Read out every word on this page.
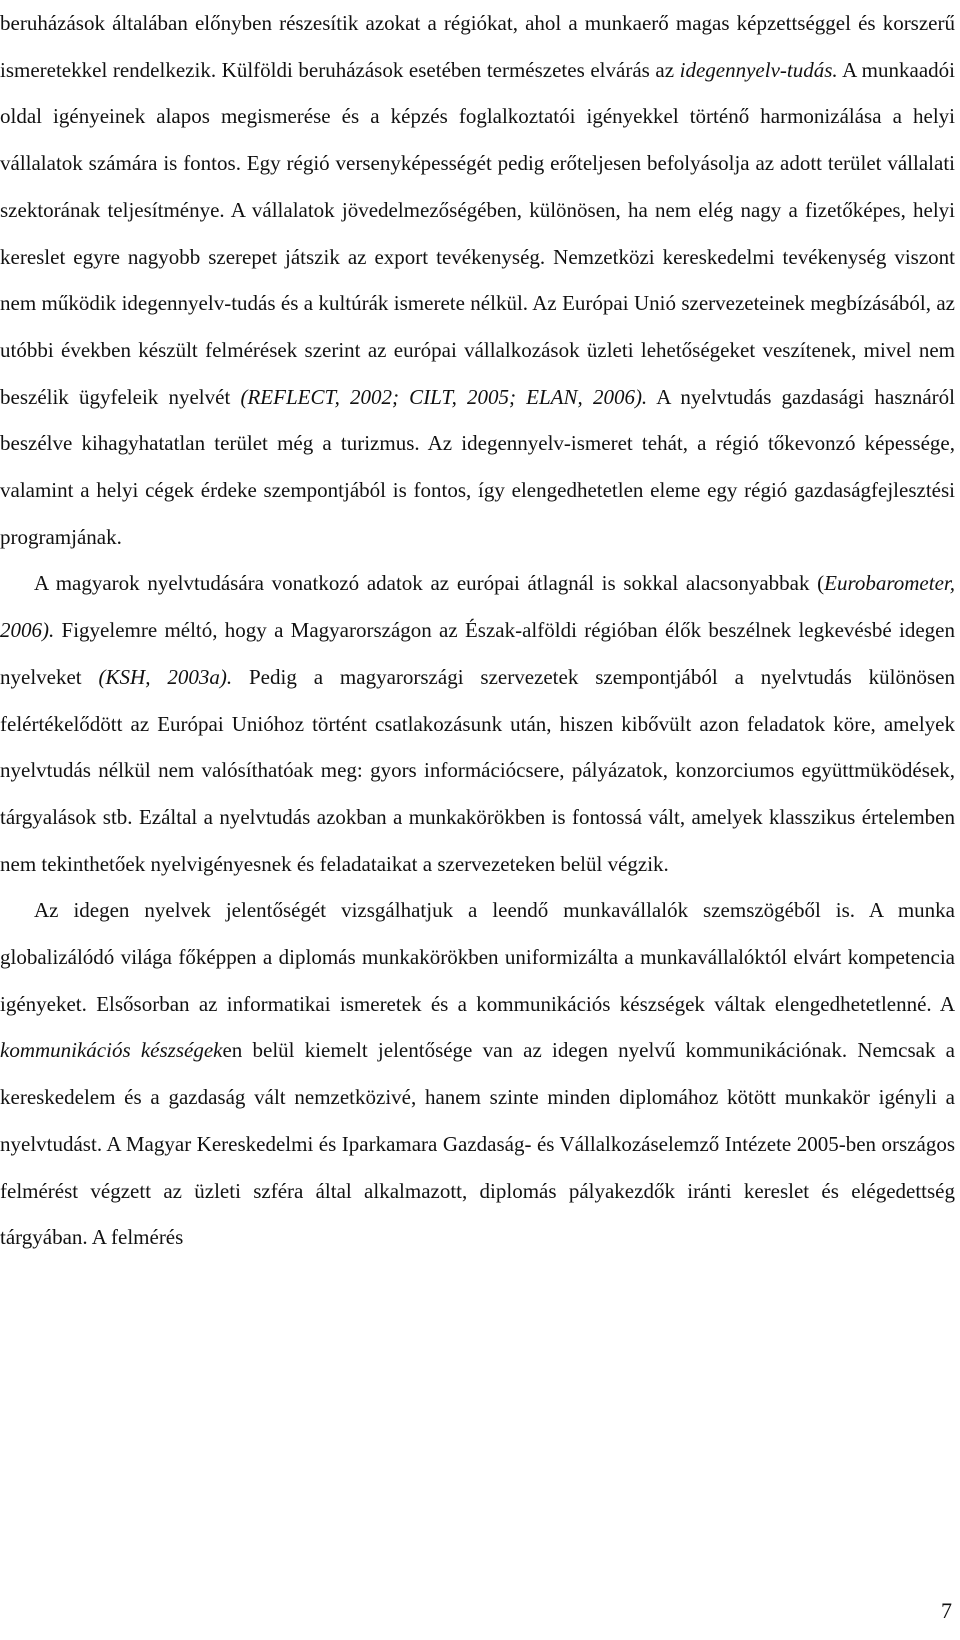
beruházások általában előnyben részesítik azokat a régiókat, ahol a munkaerő magas képzettséggel és korszerű ismeretekkel rendelkezik. Külföldi beruházások esetében természetes elvárás az idegennyelv-tudás. A munkaadói oldal igényeinek alapos megismerése és a képzés foglalkoztatói igényekkel történő harmonizálása a helyi vállalatok számára is fontos. Egy régió versenyképességét pedig erőteljesen befolyásolja az adott terület vállalati szektorának teljesítménye. A vállalatok jövedelmezőségében, különösen, ha nem elég nagy a fizetőképes, helyi kereslet egyre nagyobb szerepet játszik az export tevékenység. Nemzetközi kereskedelmi tevékenység viszont nem működik idegennyelv-tudás és a kultúrák ismerete nélkül. Az Európai Unió szervezeteinek megbízásából, az utóbbi években készült felmérések szerint az európai vállalkozások üzleti lehetőségeket veszítenek, mivel nem beszélik ügyfeleik nyelvét (REFLECT, 2002; CILT, 2005; ELAN, 2006). A nyelvtudás gazdasági hasznáról beszélve kihagyhatatlan terület még a turizmus. Az idegennyelv-ismeret tehát, a régió tőkevonzó képessége, valamint a helyi cégek érdeke szempontjából is fontos, így elengedhetetlen eleme egy régió gazdaságfejlesztési programjának.

A magyarok nyelvtudására vonatkozó adatok az európai átlagnál is sokkal alacsonyabbak (Eurobarometer, 2006). Figyelemre méltó, hogy a Magyarországon az Észak-alföldi régióban élők beszélnek legkevésbé idegen nyelveket (KSH, 2003a). Pedig a magyarországi szervezetek szempontjából a nyelvtudás különösen felértékelődött az Európai Unióhoz történt csatlakozásunk után, hiszen kibővült azon feladatok köre, amelyek nyelvtudás nélkül nem valósíthatóak meg: gyors információcsere, pályázatok, konzorciumos együttmüködések, tárgyalások stb. Ezáltal a nyelvtudás azokban a munkakörökben is fontossá vált, amelyek klasszikus értelemben nem tekinthetőek nyelvigényesnek és feladataikat a szervezeteken belül végzik.

Az idegen nyelvek jelentőségét vizsgálhatjuk a leendő munkavállalók szemszögéből is. A munka globalizálódó világa főképpen a diplomás munkakörökben uniformizálta a munkavállalóktól elvárt kompetencia igényeket. Elsősorban az informatikai ismeretek és a kommunikációs készségek váltak elengedhetetlenné. A kommunikációs készségeken belül kiemelt jelentősége van az idegen nyelvű kommunikációnak. Nemcsak a kereskedelem és a gazdaság vált nemzetközivé, hanem szinte minden diplomához kötött munkakör igényli a nyelvtudást. A Magyar Kereskedelmi és Iparkamara Gazdaság- és Vállalkozáselemző Intézete 2005-ben országos felmérést végzett az üzleti szféra által alkalmazott, diplomás pályakezdők iránti kereslet és elégedettség tárgyában. A felmérés

7
